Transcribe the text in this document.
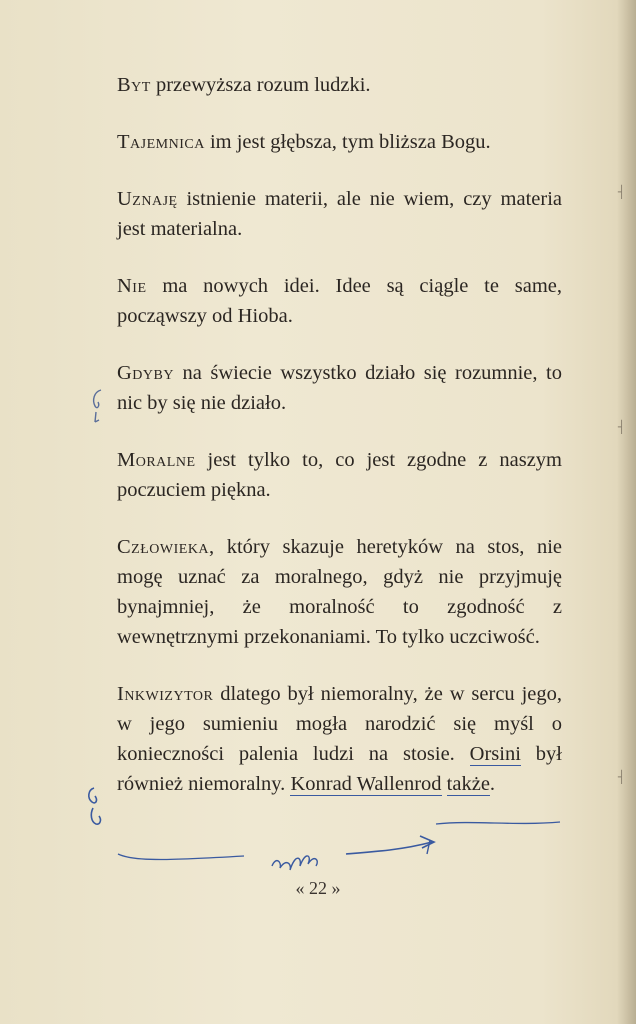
Byt przewyższa rozum ludzki.

Tajemnica im jest głębsza, tym bliższa Bogu.

Uznaję istnienie materii, ale nie wiem, czy materia jest materialna.

Nie ma nowych idei. Idee są ciągle te same, począwszy od Hioba.

Gdyby na świecie wszystko działo się rozumnie, to nic by się nie działo.

Moralne jest tylko to, co jest zgodne z naszym poczuciem piękna.

Człowieka, który skazuje heretyków na stos, nie mogę uznać za moralnego, gdyż nie przyjmuję bynajmniej, że moralność to zgodność z wewnętrznymi przekonaniami. To tylko uczciwość.

Inkwizytor dlatego był niemoralny, że w sercu jego, w jego sumieniu mogła narodzić się myśl o konieczności palenia ludzi na stosie. Orsini był również niemoralny. Konrad Wallenrod także.

« 22 »
┤
┤
┤
